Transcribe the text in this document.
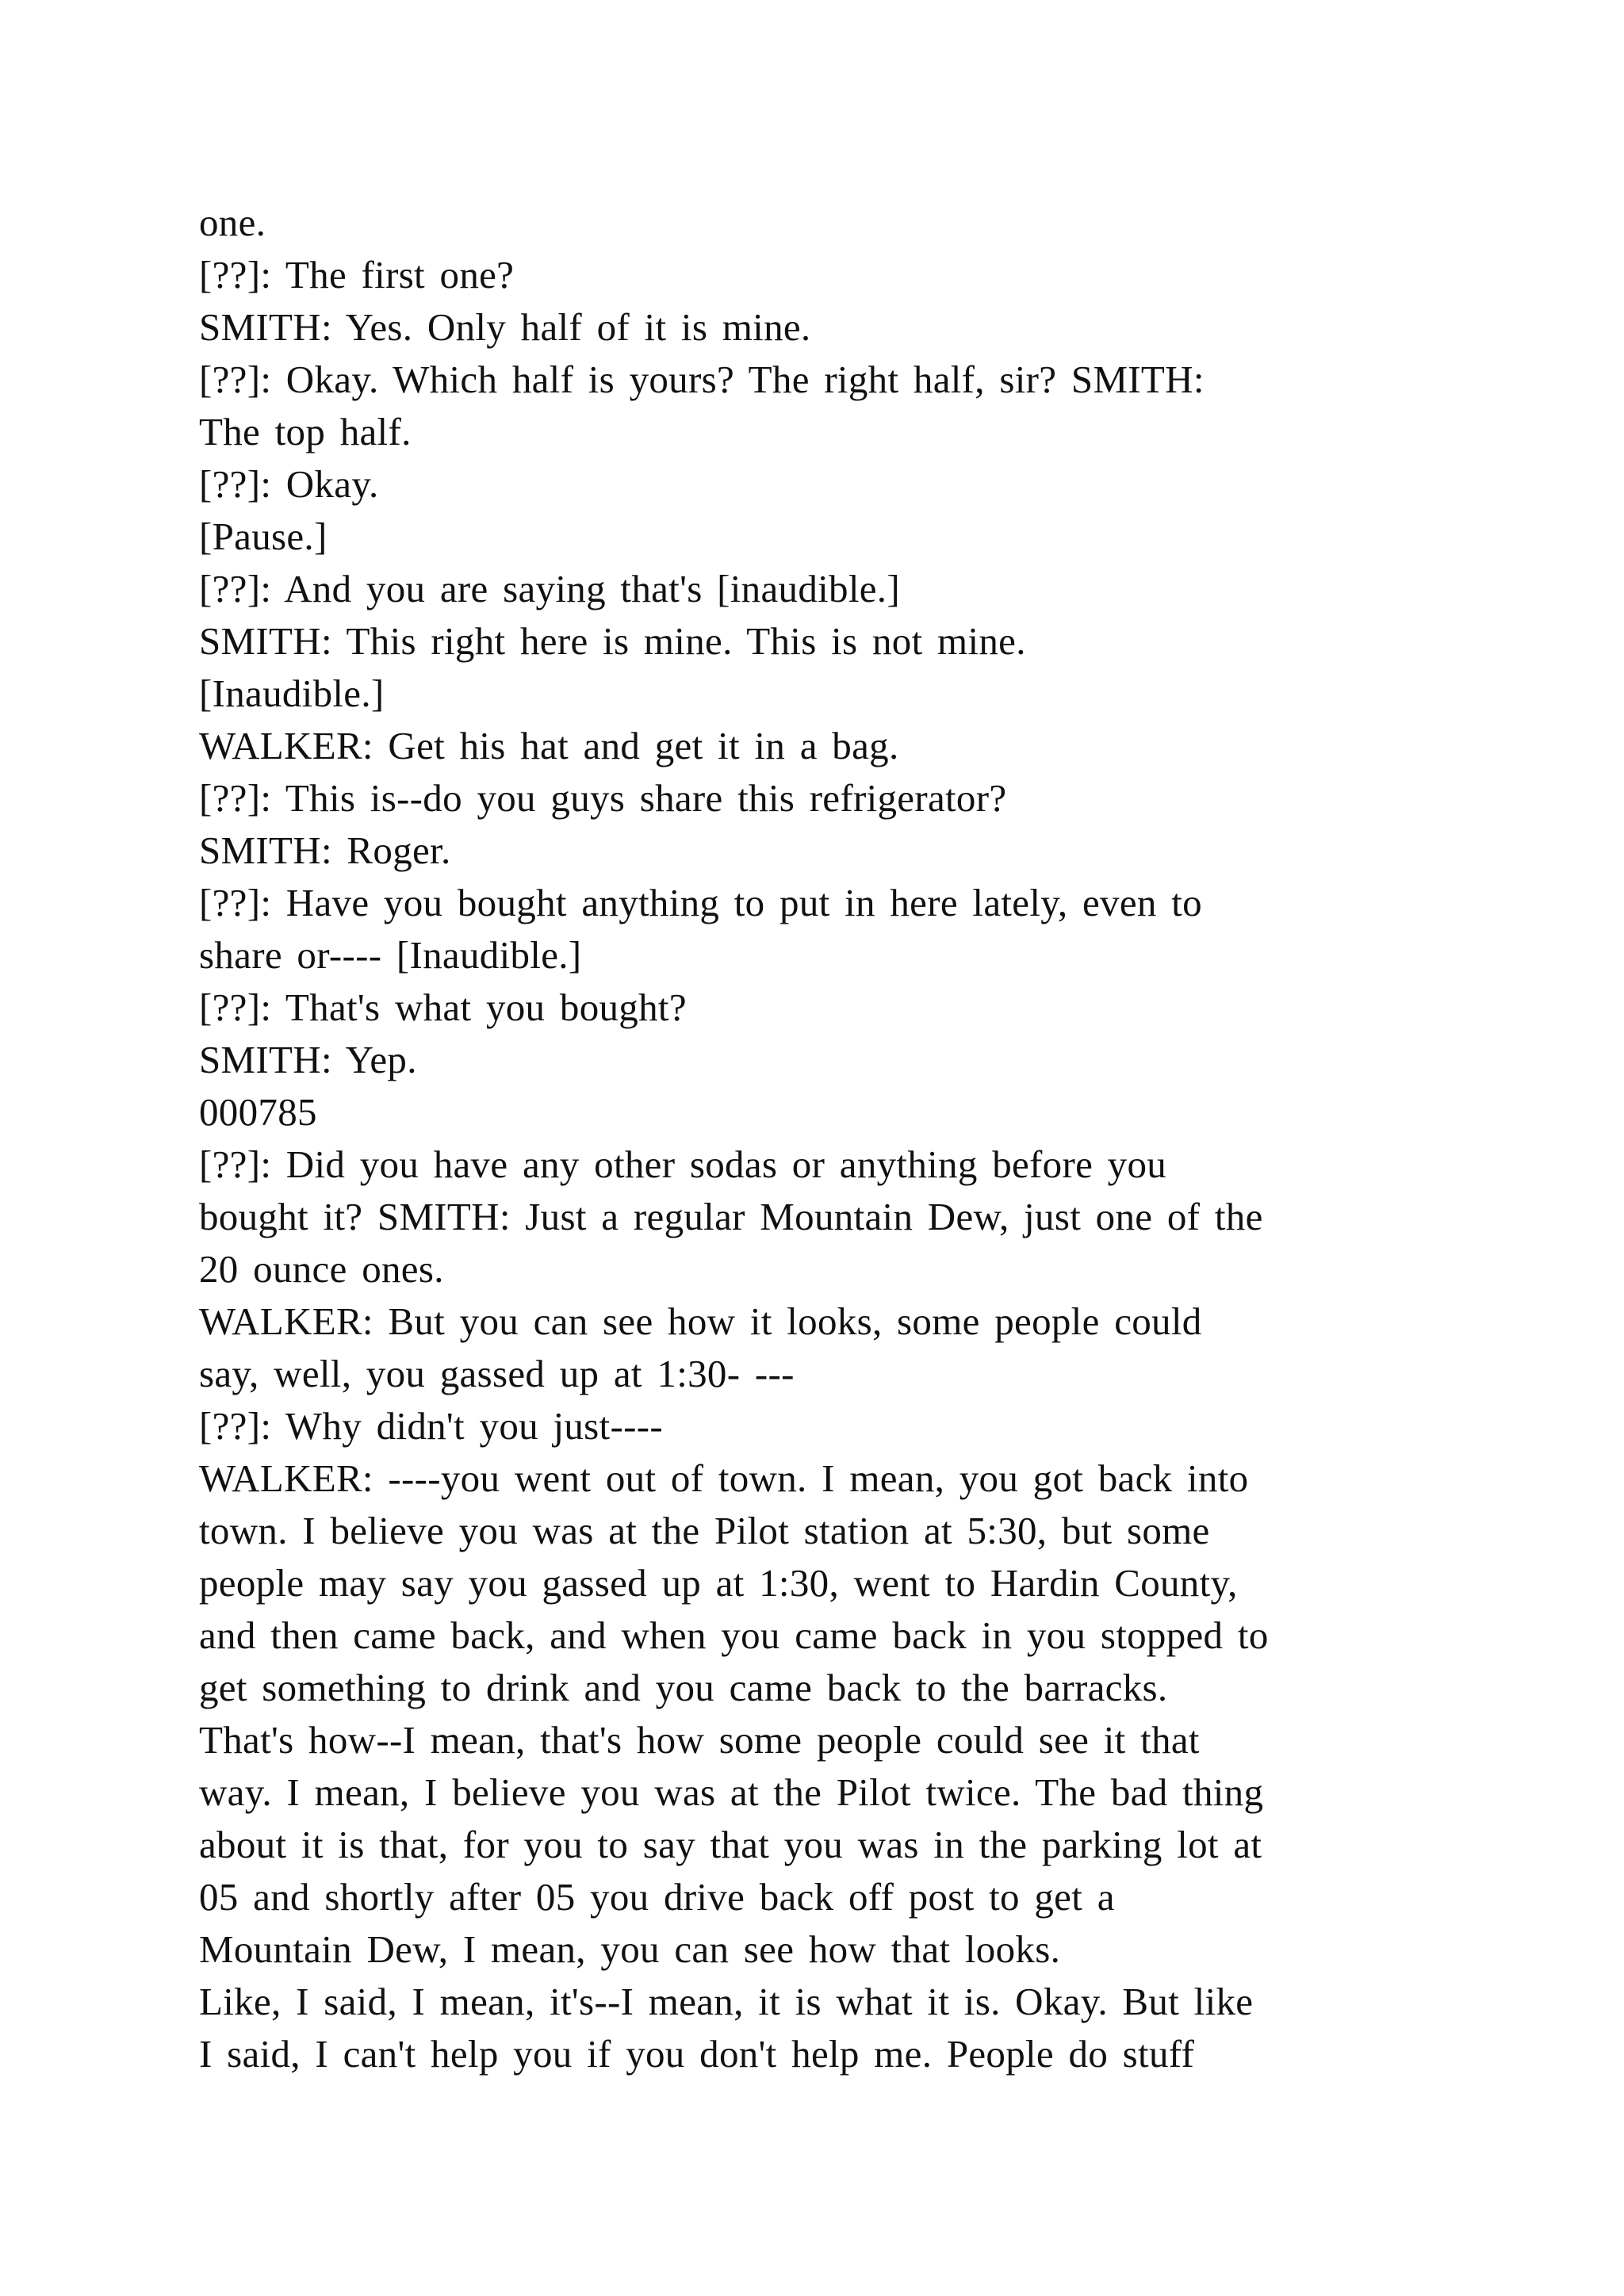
one.
[??]: The first one?
SMITH: Yes. Only half of it is mine.
[??]: Okay. Which half is yours? The right half, sir? SMITH:
The top half.
[??]: Okay.
[Pause.]
[??]: And you are saying that's [inaudible.]
SMITH: This right here is mine. This is not mine.
[Inaudible.]
WALKER: Get his hat and get it in a bag.
[??]: This is--do you guys share this refrigerator?
SMITH: Roger.
[??]: Have you bought anything to put in here lately, even to
share or---- [Inaudible.]
[??]: That's what you bought?
SMITH: Yep.
000785
[??]: Did you have any other sodas or anything before you
bought it? SMITH: Just a regular Mountain Dew, just one of the
20 ounce ones.
WALKER: But you can see how it looks, some people could
say, well, you gassed up at 1:30- ---
[??]: Why didn't you just----
WALKER: ----you went out of town. I mean, you got back into
town. I believe you was at the Pilot station at 5:30, but some
people may say you gassed up at 1:30, went to Hardin County,
and then came back, and when you came back in you stopped to
get something to drink and you came back to the barracks.
That's how--I mean, that's how some people could see it that
way. I mean, I believe you was at the Pilot twice. The bad thing
about it is that, for you to say that you was in the parking lot at
05 and shortly after 05 you drive back off post to get a
Mountain Dew, I mean, you can see how that looks.
Like, I said, I mean, it's--I mean, it is what it is. Okay. But like
I said, I can't help you if you don't help me. People do stuff
